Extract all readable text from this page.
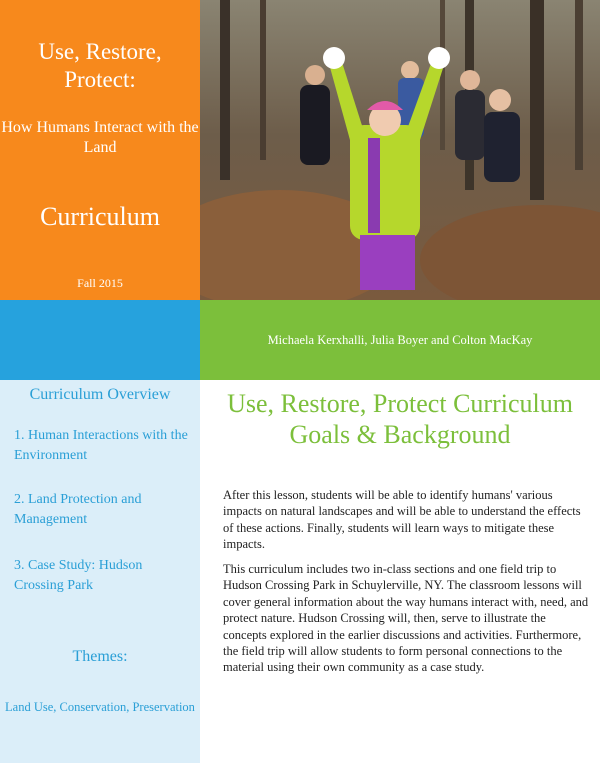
Use, Restore, Protect:
How Humans Interact with the Land
Curriculum
Fall 2015
Michaela Kerxhalli, Julia Boyer and Colton MacKay
Curriculum Overview
1. Human Interactions with the Environment
2. Land Protection and Management
3. Case Study: Hudson Crossing Park
Themes:
Land Use, Conservation, Preservation
Use, Restore, Protect Curriculum Goals & Background
After this lesson, students will be able to identify humans' various impacts on natural landscapes and will be able to understand the effects of these actions. Finally, students will learn ways to mitigate these impacts.
This curriculum includes two in-class sections and one field trip to Hudson Crossing Park in Schuylerville, NY. The classroom lessons will cover general information about the way humans interact with, need, and protect nature. Hudson Crossing will, then, serve to illustrate the concepts explored in the earlier discussions and activities. Furthermore, the field trip will allow students to form personal connections to the material using their own community as a case study.
